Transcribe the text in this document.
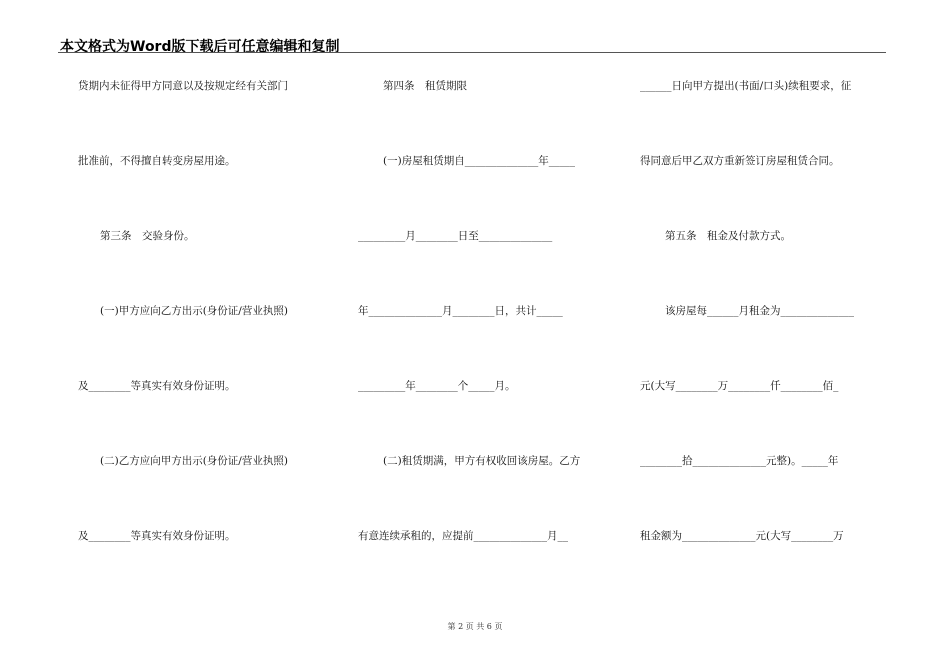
本文格式为Word版下载后可任意编辑和复制
贷期内未征得甲方同意以及按规定经有关部门
批准前，不得擅自转变房屋用途。
第三条　交验身份。
(一)甲方应向乙方出示(身份证/营业执照)
及________等真实有效身份证明。
(二)乙方应向甲方出示(身份证/营业执照)
及________等真实有效身份证明。
第四条　租赁期限
(一)房屋租赁期自______________年_____
_________月________日至______________
年______________月________日，共计_____
_________年________个_____月。
(二)租赁期满，甲方有权收回该房屋。乙方
有意连续承租的，应提前______________月__
______日向甲方提出(书面/口头)续租要求，征
得同意后甲乙双方重新签订房屋租赁合同。
第五条　租金及付款方式。
该房屋每______月租金为______________
元(大写________万________仟________佰_
________拾______________元整)。_____年
租金额为______________元(大写________万
第 2 页 共 6 页
